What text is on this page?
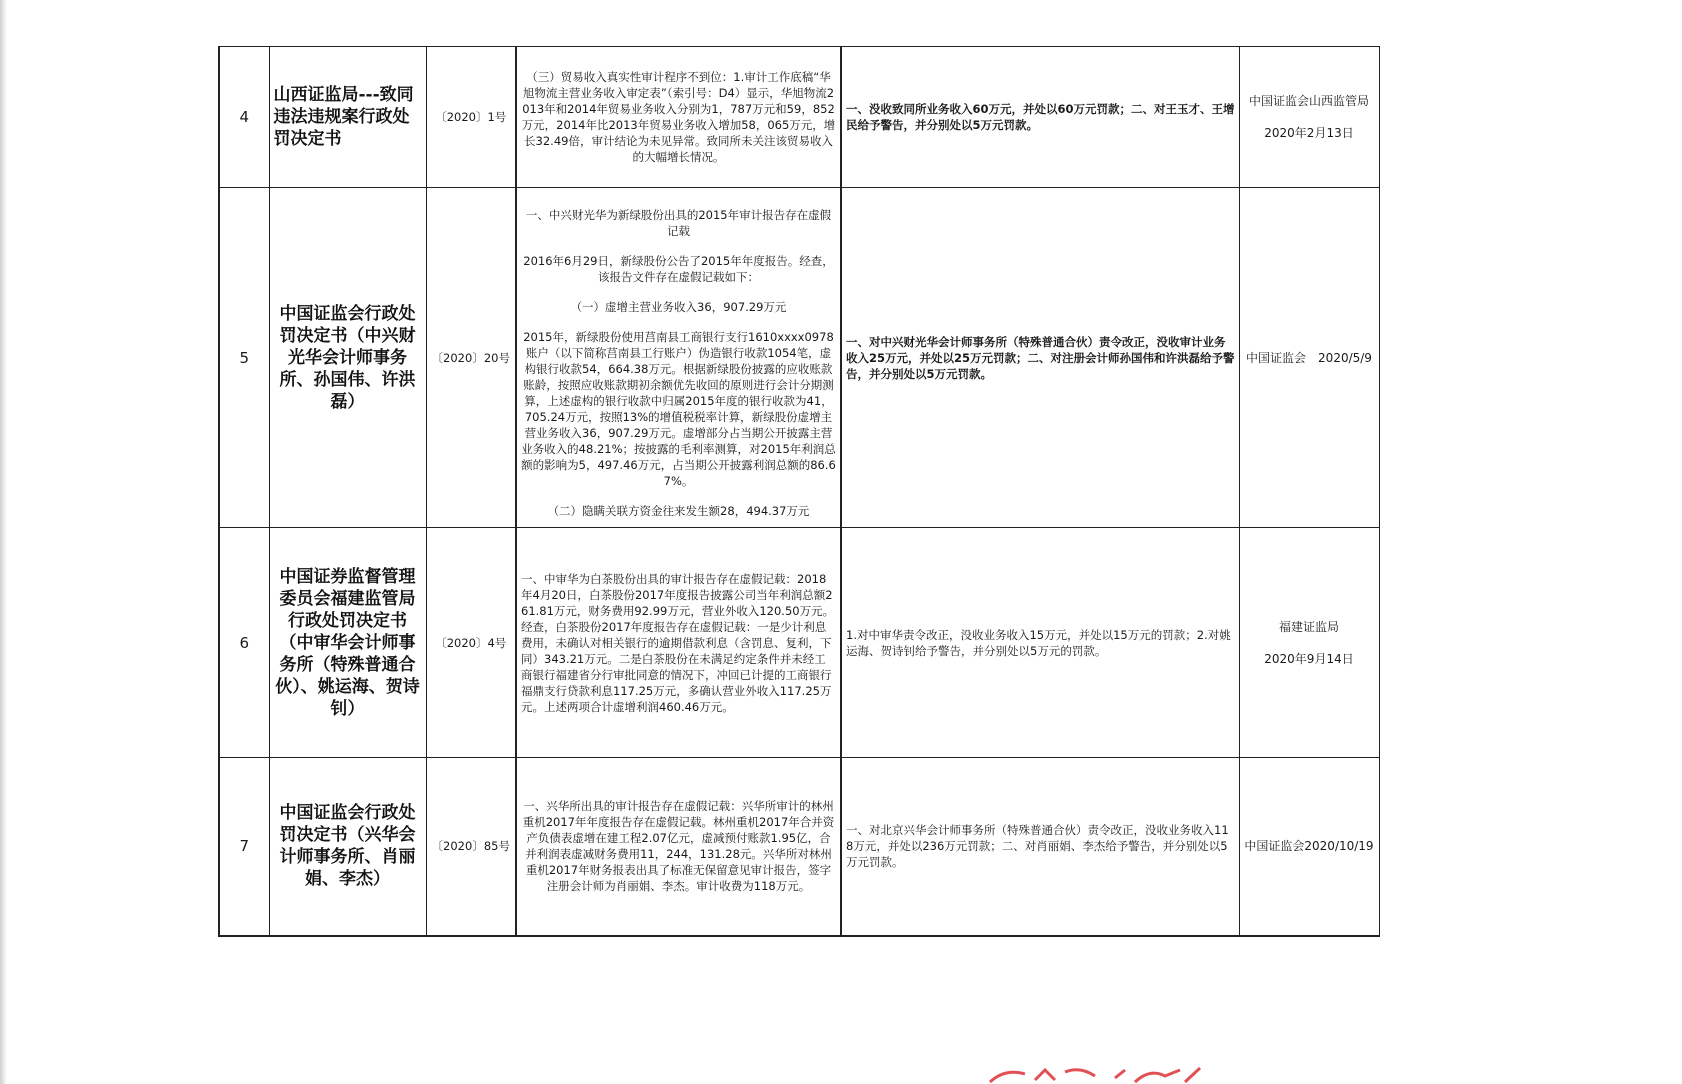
4	山西证监局---致同违法违规案行政处罚决定书	〔2020〕1号	（三）贸易收入真实性审计程序不到位：1.审计工作底稿“华旭物流主营业务收入审定表”（索引号：D4）显示，华旭物流2013年和2014年贸易业务收入分别为1，787万元和59，852万元，2014年比2013年贸易业务收入增加58，065万元，增长32.49倍，审计结论为未见异常。致同所未关注该贸易收入的大幅增长情况。	一、没收致同所业务收入60万元，并处以60万元罚款；二、对王玉才、王增民给予警告，并分别处以5万元罚款。	中国证监会山西监管局
2020年2月13日

5	中国证监会行政处罚决定书（中兴财光华会计师事务所、孙国伟、许洪磊）	〔2020〕20号	一、中兴财光华为新绿股份出具的2015年审计报告存在虚假记载

2016年6月29日，新绿股份公告了2015年年度报告。经查，该报告文件存在虚假记载如下：

（一）虚增主营业务收入36，907.29万元

2015年，新绿股份使用莒南县工商银行支行1610xxxx0978账户（以下简称莒南县工行账户）伪造银行收款1054笔，虚构银行收款54，664.38万元。根据新绿股份披露的应收账款账龄，按照应收账款期初余额优先收回的原则进行会计分期测算，上述虚构的银行收款中归属2015年度的银行收款为41，705.24万元，按照13%的增值税税率计算，新绿股份虚增主营业务收入36，907.29万元。虚增部分占当期公开披露主营业务收入的48.21%；按披露的毛利率测算，对2015年利润总额的影响为5，497.46万元，占当期公开披露利润总额的86.67%。

（二）隐瞒关联方资金往来发生额28，494.37万元	一、对中兴财光华会计师事务所（特殊普通合伙）责令改正，没收审计业务收入25万元，并处以25万元罚款；二、对注册会计师孙国伟和许洪磊给予警告，并分别处以5万元罚款。	中国证监会　2020/5/9
6	中国证券监督管理委员会福建监管局行政处罚决定书（中审华会计师事务所（特殊普通合伙）、姚运海、贺诗钊）	〔2020〕4号	一、中审华为白茶股份出具的审计报告存在虚假记载：2018年4月20日，白茶股份2017年度报告披露公司当年利润总额261.81万元，财务费用92.99万元，营业外收入120.50万元。经查，白茶股份2017年度报告存在虚假记载：一是少计利息费用，未确认对相关银行的逾期借款利息（含罚息、复利，下同）343.21万元。二是白茶股份在未满足约定条件并未经工商银行福建省分行审批同意的情况下，冲回已计提的工商银行福鼎支行贷款利息117.25万元，多确认营业外收入117.25万元。上述两项合计虚增利润460.46万元。	1.对中审华责令改正，没收业务收入15万元，并处以15万元的罚款；2.对姚运海、贺诗钊给予警告，并分别处以5万元的罚款。	福建证监局
2020年9月14日

7	中国证监会行政处罚决定书（兴华会计师事务所、肖丽娟、李杰）	〔2020〕85号	一、兴华所出具的审计报告存在虚假记载：兴华所审计的林州重机2017年年度报告存在虚假记载。林州重机2017年合并资产负债表虚增在建工程2.07亿元，虚减预付账款1.95亿，合并利润表虚减财务费用11，244，131.28元。兴华所对林州重机2017年财务报表出具了标准无保留意见审计报告，签字注册会计师为肖丽娟、李杰。审计收费为118万元。	一、对北京兴华会计师事务所（特殊普通合伙）责令改正，没收业务收入118万元，并处以236万元罚款；二、对肖丽娟、李杰给予警告，并分别处以5万元罚款。	中国证监会2020/10/19
